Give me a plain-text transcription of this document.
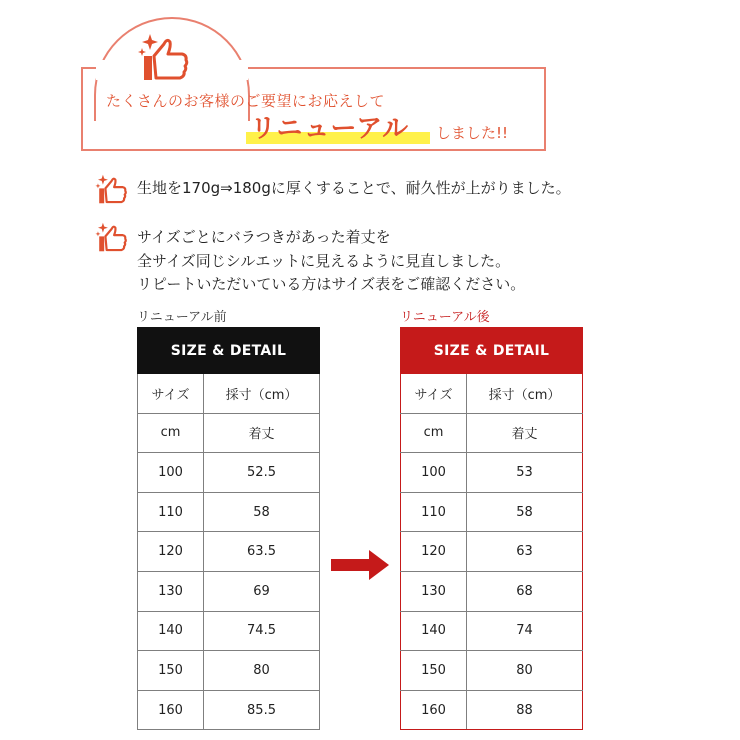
たくさんのお客様のご要望にお応えして
リニューアル しました!!
生地を170g⇒180gに厚くすることで、耐久性が上がりました。
サイズごとにバラつきがあった着丈を
全サイズ同じシルエットに見えるように見直しました。
リピートいただいている方はサイズ表をご確認ください。
リニューアル前	リニューアル後
SIZE & DETAIL	
サイズ	採寸（cm）
cm	着丈
100	52.5
110	58
120	63.5
130	69
140	74.5
150	80
160	85.5
SIZE & DETAIL	
サイズ	採寸（cm）
cm	着丈
100	53
110	58
120	63
130	68
140	74
150	80
160	88
